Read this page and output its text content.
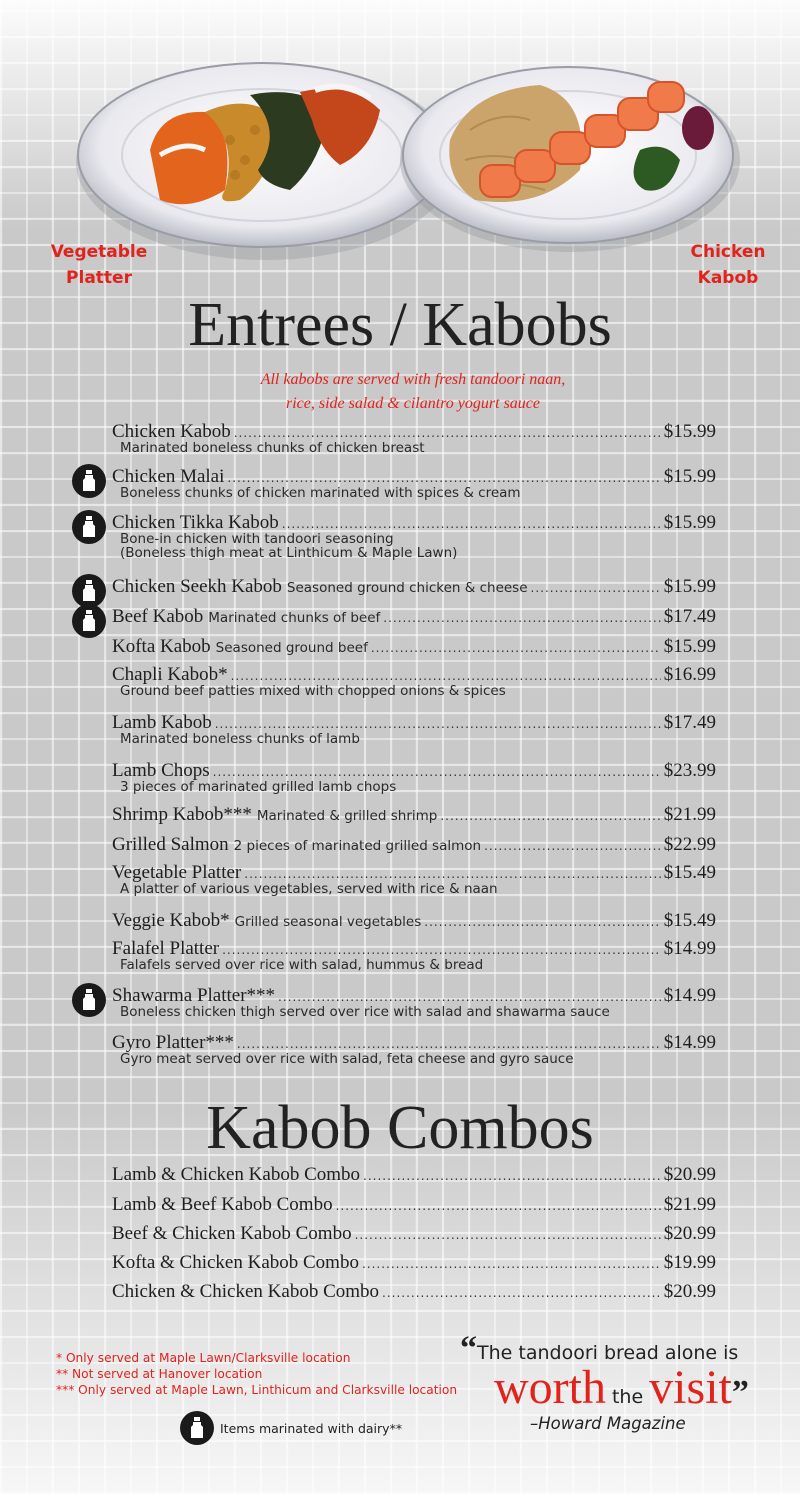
Vegetable
Platter
Chicken
Kabob
Entrees / Kabobs
All kabobs are served with fresh tandoori naan,
rice, side salad & cilantro yogurt sauce
Chicken Kabob .....	$15.99
Marinated boneless chunks of chicken breast
Chicken Malai .....	$15.99
Boneless chunks of chicken marinated with spices & cream
Chicken Tikka Kabob .....	$15.99
Bone-in chicken with tandoori seasoning
(Boneless thigh meat at Linthicum & Maple Lawn)
Chicken Seekh Kabob Seasoned ground chicken & cheese .....	$15.99
Beef Kabob Marinated chunks of beef .....	$17.49
Kofta Kabob Seasoned ground beef .....	$15.99
Chapli Kabob* .....	$16.99
Ground beef patties mixed with chopped onions & spices
Lamb Kabob .....	$17.49
Marinated boneless chunks of lamb
Lamb Chops .....	$23.99
3 pieces of marinated grilled lamb chops
Shrimp Kabob*** Marinated & grilled shrimp .....	$21.99
Grilled Salmon 2 pieces of marinated grilled salmon .....	$22.99
Vegetable Platter .....	$15.49
A platter of various vegetables, served with rice & naan
Veggie Kabob* Grilled seasonal vegetables .....	$15.49
Falafel Platter .....	$14.99
Falafels served over rice with salad, hummus & bread
Shawarma Platter*** .....	$14.99
Boneless chicken thigh served over rice with salad and shawarma sauce
Gyro Platter*** .....	$14.99
Gyro meat served over rice with salad, feta cheese and gyro sauce
Kabob Combos
Lamb & Chicken Kabob Combo .....	$20.99
Lamb & Beef Kabob Combo .....	$21.99
Beef & Chicken Kabob Combo .....	$20.99
Kofta & Chicken Kabob Combo .....	$19.99
Chicken & Chicken Kabob Combo .....	$20.99
* Only served at Maple Lawn/Clarksville location
** Not served at Hanover location
*** Only served at Maple Lawn, Linthicum and Clarksville location
Items marinated with dairy**
“The tandoori bread alone is
worth the visit”
–Howard Magazine
